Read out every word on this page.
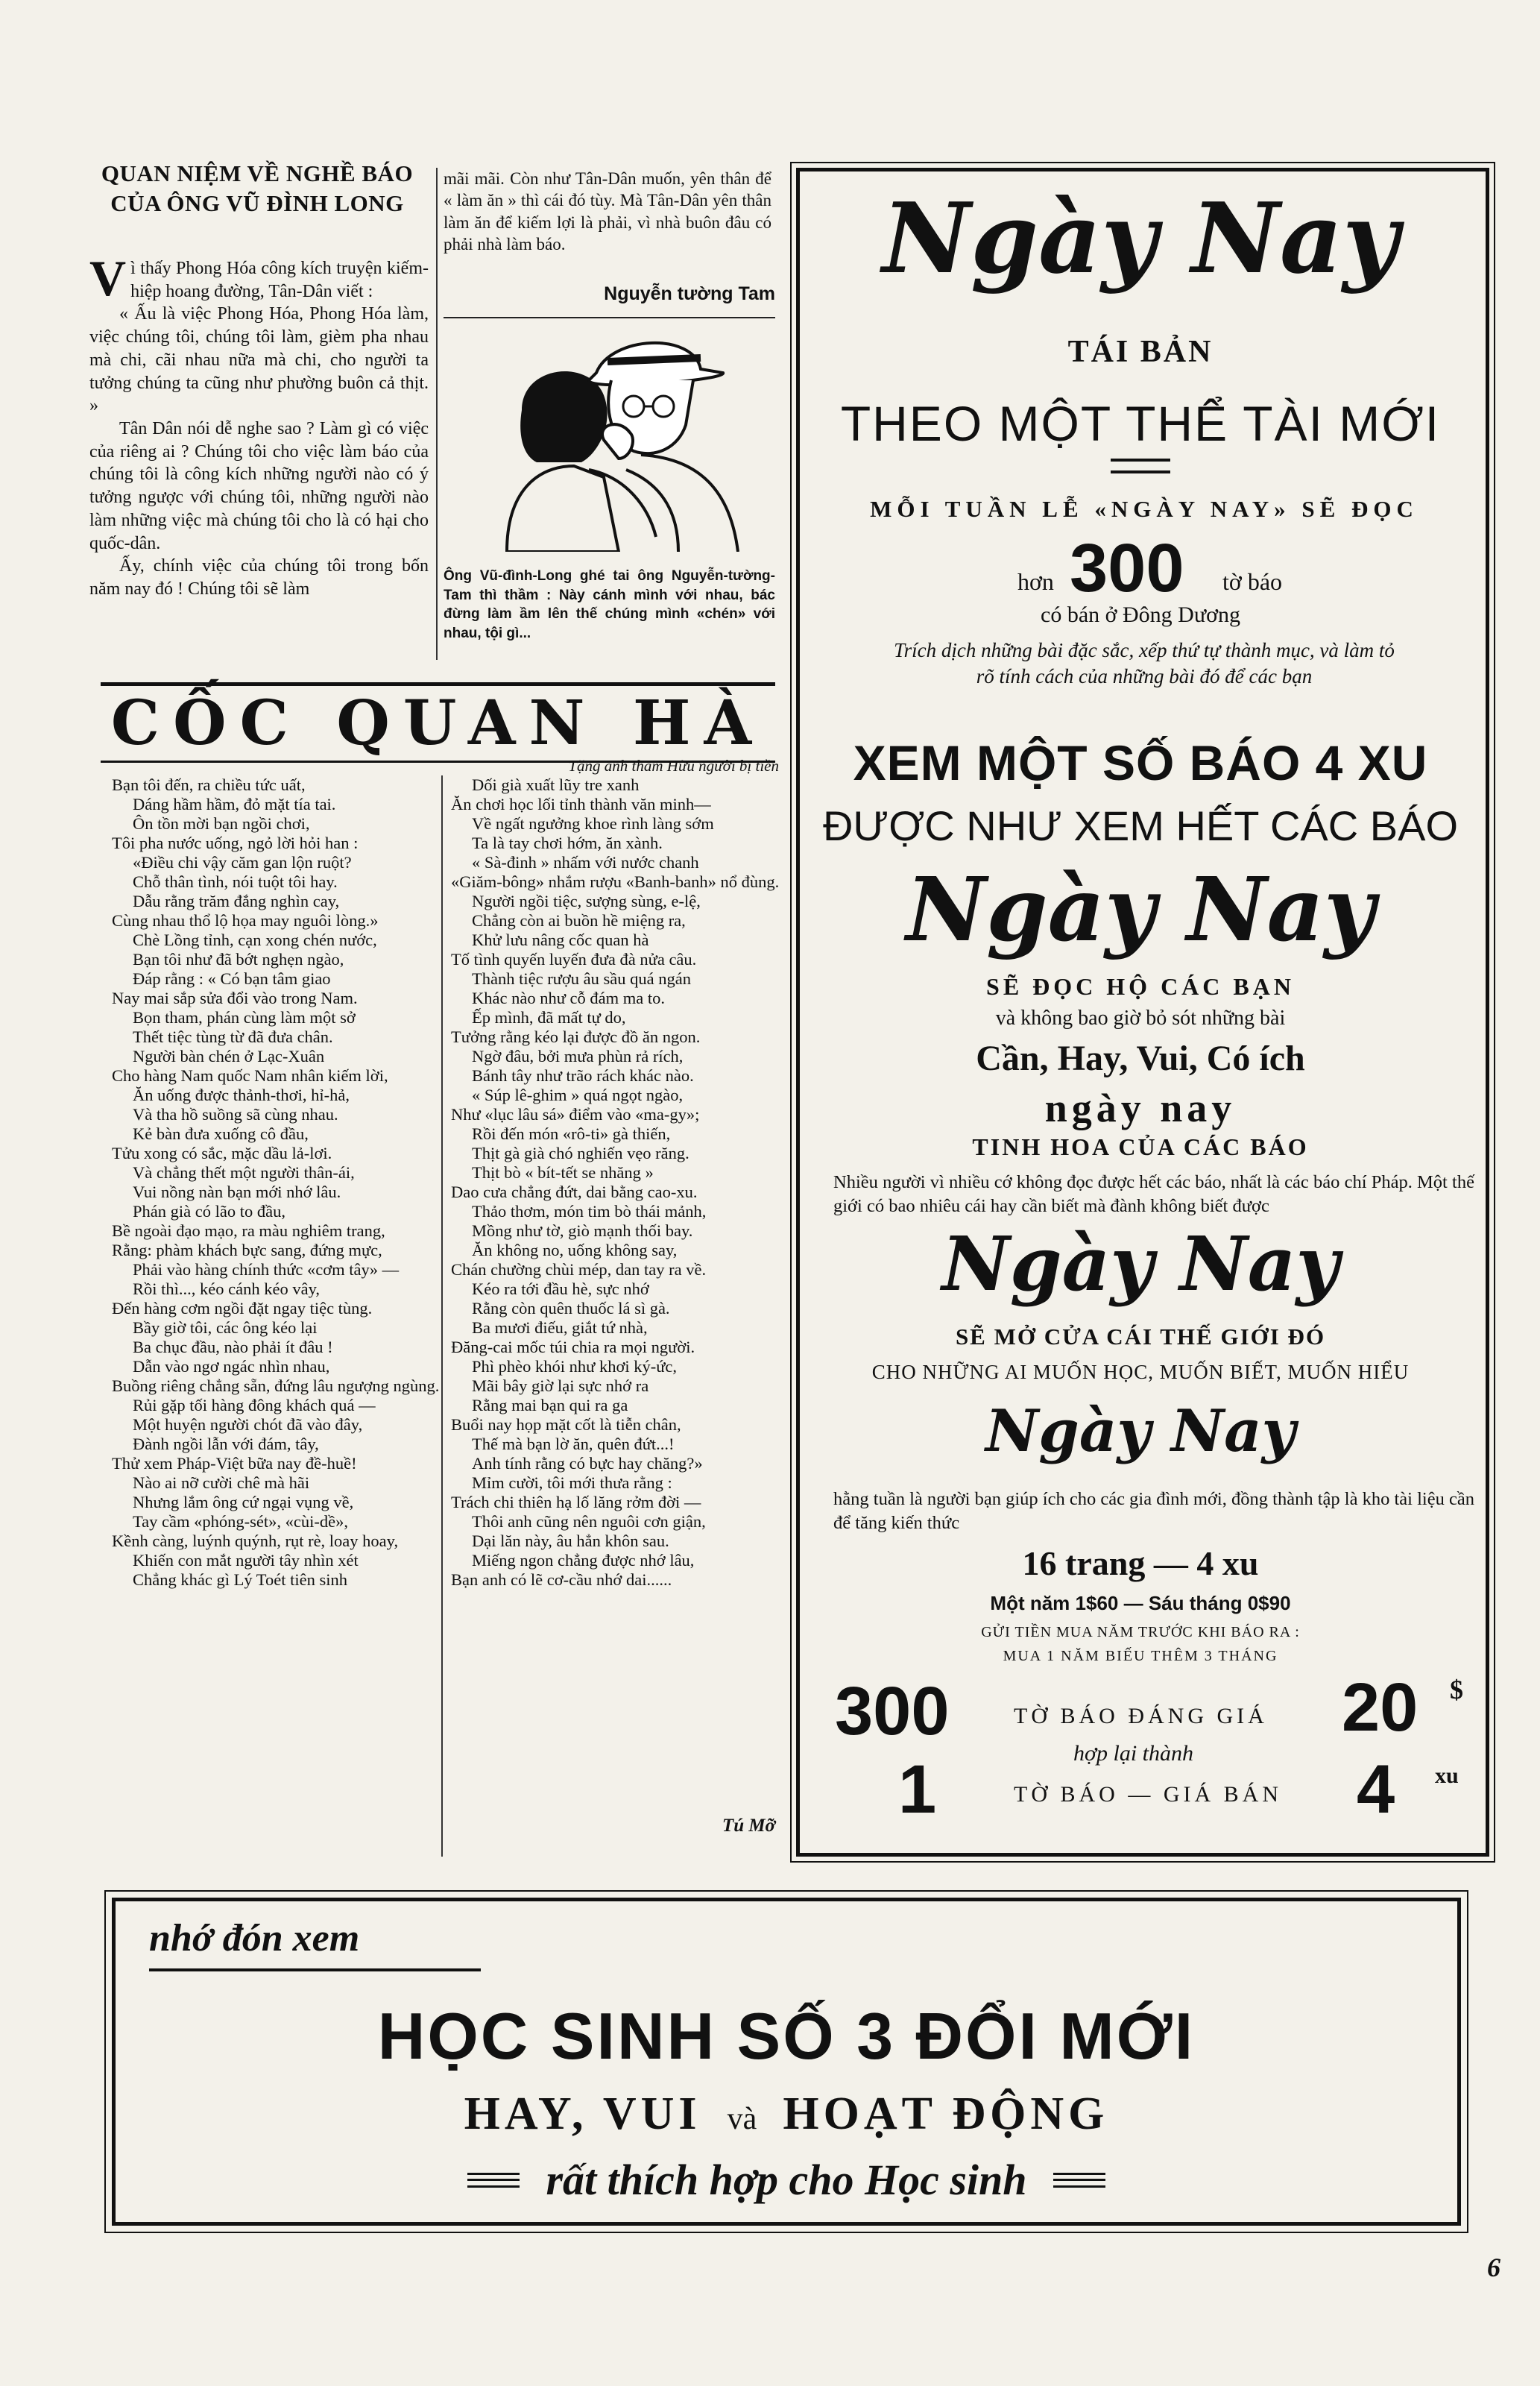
QUAN NIỆM VỀ NGHỀ BÁO
CỦA ÔNG VŨ ĐÌNH LONG

Vì thấy Phong Hóa công kích truyện kiếm-hiệp hoang đường, Tân-Dân viết :

« Ấu là việc Phong Hóa, Phong Hóa làm, việc chúng tôi, chúng tôi làm, gièm pha nhau mà chi, cãi nhau nữa mà chi, cho người ta tưởng chúng ta cũng như phường buôn cả thịt. »

Tân Dân nói dễ nghe sao ? Làm gì có việc của riêng ai ? Chúng tôi cho việc làm báo của chúng tôi là công kích những người nào có ý tưởng ngược với chúng tôi, những người nào làm những việc mà chúng tôi cho là có hại cho quốc-dân.

Ấy, chính việc của chúng tôi trong bốn năm nay đó ! Chúng tôi sẽ làm

mãi mãi. Còn như Tân-Dân muốn, yên thân để « làm ăn » thì cái đó tùy. Mà Tân-Dân yên thân làm ăn để kiếm lợi là phải, vì nhà buôn đâu có phải nhà làm báo.
Nguyễn tường Tam
Ông Vũ-đình-Long ghé tai ông Nguyễn-tường-Tam thì thầm : Này cánh mình với nhau, bác đừng làm ầm lên thế chúng mình «chén» với nhau, tội gì...
CỐC QUAN HÀ
Tặng anh tham Hữu người bị tiền
Bạn tôi đến, ra chiều tức uất,
Dáng hầm hầm, đỏ mặt tía tai.
Ôn tồn mời bạn ngồi chơi,
Tôi pha nước uống, ngỏ lời hỏi han :
«Điều chi vậy căm gan lộn ruột?
Chỗ thân tình, nói tuột tôi hay.
Dẫu rằng trăm đắng nghìn cay,
Cùng nhau thổ lộ họa may nguôi lòng.»
Chè Lồng tỉnh, cạn xong chén nước,
Bạn tôi như đã bớt nghẹn ngào,
Đáp rằng : « Có bạn tâm giao
Nay mai sắp sửa đổi vào trong Nam.
Bọn tham, phán cùng làm một sở
Thết tiệc tùng từ đã đưa chân.
Người bàn chén ở Lạc-Xuân
Cho hàng Nam quốc Nam nhân kiếm lời,
Ăn uống được thảnh-thơi, hỉ-hả,
Và tha hồ suồng sã cùng nhau.
Kẻ bàn đưa xuống cô đầu,
Tửu xong có sắc, mặc dầu lả-lơi.
Và chẳng thết một người thân-ái,
Vui nồng nàn bạn mới nhớ lâu.
Phán già có lão to đầu,
Bề ngoài đạo mạo, ra màu nghiêm trang,
Rằng: phàm khách bực sang, đứng mực,
Phải vào hàng chính thức «cơm tây» —
Rồi thì..., kéo cánh kéo vây,
Đến hàng cơm ngồi đặt ngay tiệc tùng.
Bầy giờ tôi, các ông kéo lại
Ba chục đầu, nào phải ít đâu !
Dẫn vào ngơ ngác nhìn nhau,
Buồng riêng chẳng sẵn, đứng lâu ngượng ngùng.
Rủi gặp tối hàng đông khách quá —
Một huyện người chót đã vào đây,
Đành ngồi lẫn với đám, tây,
Thử xem Pháp-Việt bữa nay đề-huề!
Nào ai nỡ cười chê mà hãi
Nhưng lắm ông cứ ngại vụng về,
Tay cầm «phóng-sét», «cùi-dề»,
Kềnh càng, luýnh quýnh, rụt rè, loay hoay,
Khiến con mắt người tây nhìn xét
Chẳng khác gì Lý Toét tiên sinh
Dối già xuất lũy tre xanh
Ăn chơi học lối tỉnh thành văn minh—
Về ngất ngưởng khoe rình làng sớm
Ta là tay chơi hớm, ăn xành.
« Sà-đinh » nhấm với nước chanh
«Giăm-bông» nhắm rượu «Banh-banh» nổ đùng.
Người ngồi tiệc, sượng sùng, e-lệ,
Chẳng còn ai buồn hề miệng ra,
Khử lưu nâng cốc quan hà
Tố tình quyến luyến đưa đà nửa câu.
Thành tiệc rượu âu sầu quá ngán
Khác nào như cỗ đám ma to.
Ếp mình, đã mất tự do,
Tưởng rằng kéo lại được đồ ăn ngon.
Ngờ đâu, bởi mưa phùn rả rích,
Bánh tây như trão rách khác nào.
« Súp lê-ghim » quá ngọt ngào,
Như «lục lâu sá» điểm vào «ma-gy»;
Rồi đến món «rô-ti» gà thiến,
Thịt gà già chó nghiến vẹo răng.
Thịt bò « bít-tết se nhăng »
Dao cưa chẳng đứt, dai bằng cao-xu.
Thảo thơm, món tim bò thái mảnh,
Mồng như tờ, giò mạnh thối bay.
Ăn không no, uống không say,
Chán chường chùi mép, dan tay ra về.
Kéo ra tới đầu hè, sực nhớ
Rằng còn quên thuốc lá sì gà.
Ba mươi điếu, giắt tứ nhà,
Đăng-cai mốc túi chia ra mọi người.
Phì phèo khói như khơi ký-ức,
Mãi bây giờ lại sực nhớ ra
Rằng mai bạn qui ra ga
Buổi nay họp mặt cốt là tiễn chân,
Thế mà bạn lờ ăn, quên đứt...!
Anh tính rằng có bực hay chăng?»
Mỉm cười, tôi mới thưa rằng :
Trách chi thiên hạ lố lăng rởm đời —
Thôi anh cũng nên nguôi cơn giận,
Dại lăn này, âu hẳn khôn sau.
Miếng ngon chẳng được nhớ lâu,
Bạn anh có lẽ cơ-cầu nhớ dai......
Tú Mỡ
Ngày Nay
TÁI BẢN
THEO MỘT THỂ TÀI MỚI
MỖI TUẦN LỄ «NGÀY NAY» SẼ ĐỌC
hơn 300 tờ báo
có bán ở Đông Dương
Trích dịch những bài đặc sắc, xếp thứ tự thành mục, và làm tỏ rõ tính cách của những bài đó để các bạn
XEM MỘT SỐ BÁO 4 XU
ĐƯỢC NHƯ XEM HẾT CÁC BÁO
Ngày Nay
SẼ ĐỌC HỘ CÁC BẠN
và không bao giờ bỏ sót những bài
Cần, Hay, Vui, Có ích
ngày nay
TINH HOA CỦA CÁC BÁO
Nhiều người vì nhiều cớ không đọc được hết các báo, nhất là các báo chí Pháp. Một thế giới có bao nhiêu cái hay cần biết mà đành không biết được
Ngày Nay
SẼ MỞ CỬA CÁI THẾ GIỚI ĐÓ
CHO NHỮNG AI MUỐN HỌC, MUỐN BIẾT, MUỐN HIỂU
Ngày Nay
hằng tuần là người bạn giúp ích cho các gia đình mới, đồng thành tập là kho tài liệu cần để tăng kiến thức
16 trang — 4 xu
Một năm 1$60 — Sáu tháng 0$90
GỬI TIỀN MUA NĂM TRƯỚC KHI BÁO RA :
MUA 1 NĂM BIẾU THÊM 3 THÁNG
300	TỜ BÁO ĐÁNG GIÁ 20 $
hợp lại thành
1	TỜ BÁO — GIÁ BÁN 4 xu
nhớ đón xem
HỌC SINH SỐ 3 ĐỔI MỚI
HAY, VUI và HOẠT ĐỘNG
rất thích hợp cho Học sinh
6
